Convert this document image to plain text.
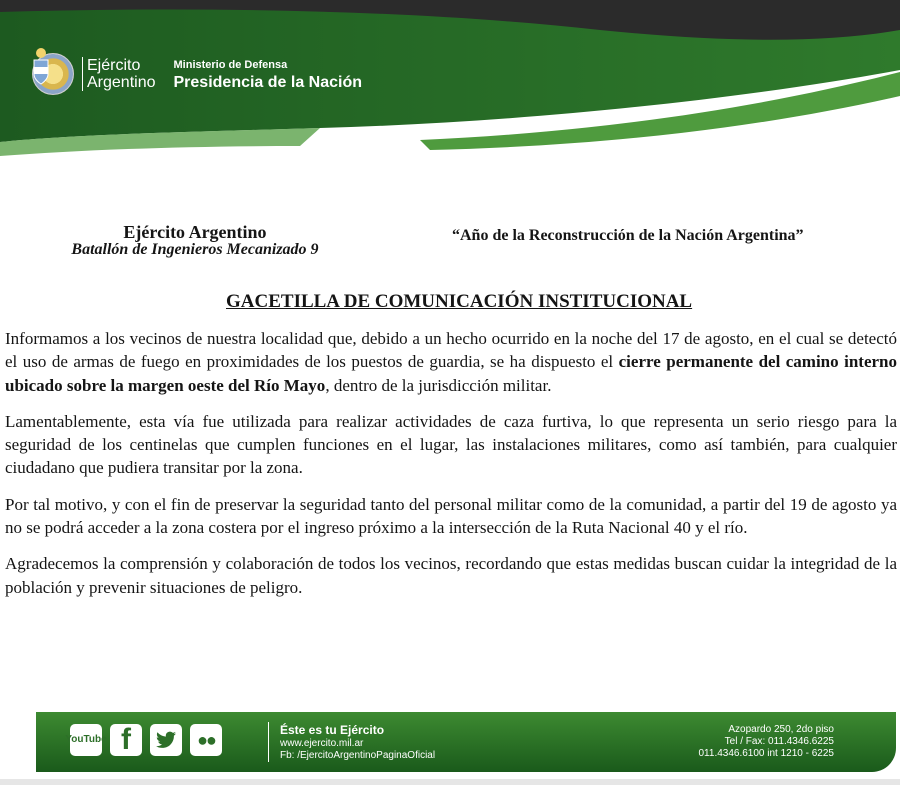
Ejército
Argentino
Ministerio de Defensa
Presidencia de la Nación
Ejército Argentino
Batallón de Ingenieros Mecanizado 9
“Año de la Reconstrucción de la Nación Argentina”
GACETILLA DE COMUNICACIÓN INSTITUCIONAL

Informamos a los vecinos de nuestra localidad que, debido a un hecho ocurrido en la noche del 17 de agosto, en el cual se detectó el uso de armas de fuego en proximidades de los puestos de guardia, se ha dispuesto el cierre permanente del camino interno ubicado sobre la margen oeste del Río Mayo, dentro de la jurisdicción militar.

Lamentablemente, esta vía fue utilizada para realizar actividades de caza furtiva, lo que representa un serio riesgo para la seguridad de los centinelas que cumplen funciones en el lugar, las instalaciones militares, como así también, para cualquier ciudadano que pudiera transitar por la zona.

Por tal motivo, y con el fin de preservar la seguridad tanto del personal militar como de la comunidad, a partir del 19 de agosto ya no se podrá acceder a la zona costera por el ingreso próximo a la intersección de la Ruta Nacional 40 y el río.

Agradecemos la comprensión y colaboración de todos los vecinos, recordando que estas medidas buscan cuidar la integridad de la población y prevenir situaciones de peligro.

You Tube f	●●	Éste es tu Ejército
www.ejercito.mil.ar
Fb: /EjercitoArgentinoPaginaOficial
Azopardo 250, 2do piso
Tel / Fax: 011.4346.6225
011.4346.6100 int 1210 - 6225
